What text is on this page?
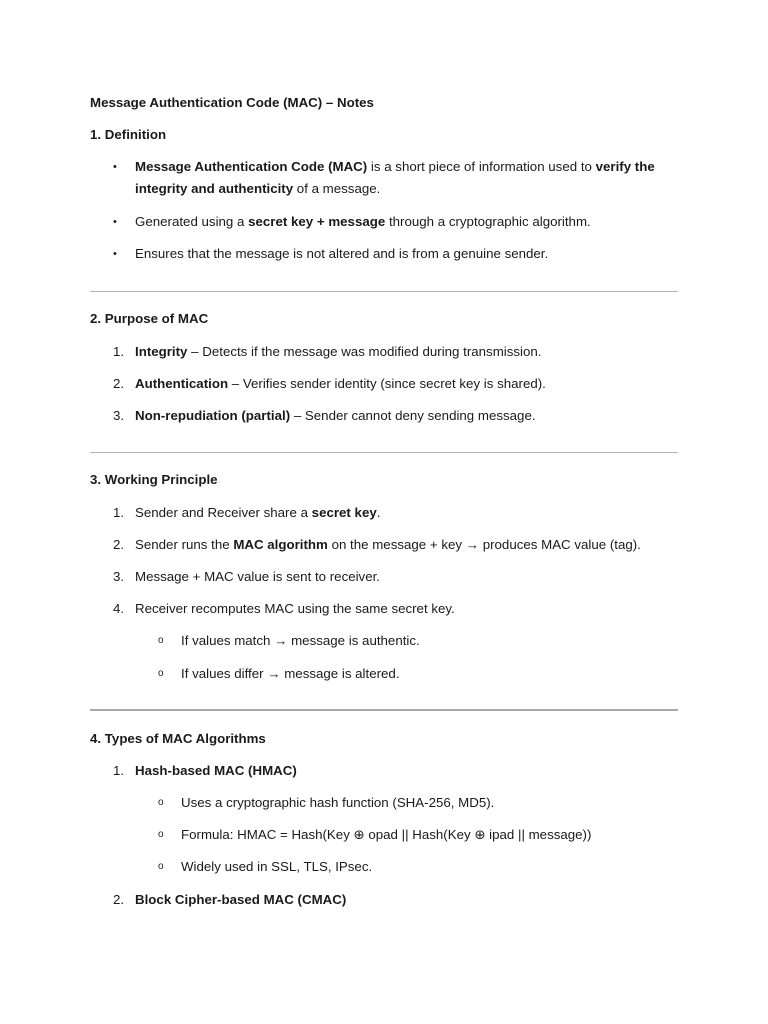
Message Authentication Code (MAC) – Notes
1. Definition
• Message Authentication Code (MAC) is a short piece of information used to verify the
integrity and authenticity of a message.
• Generated using a secret key + message through a cryptographic algorithm.
• Ensures that the message is not altered and is from a genuine sender.
2. Purpose of MAC
1. Integrity – Detects if the message was modified during transmission.
2. Authentication – Verifies sender identity (since secret key is shared).
3. Non-repudiation (partial) – Sender cannot deny sending message.
3. Working Principle
1. Sender and Receiver share a secret key.
2. Sender runs the MAC algorithm on the message + key → produces MAC value (tag).
3. Message + MAC value is sent to receiver.
4. Receiver recomputes MAC using the same secret key.
o If values match → message is authentic.
o If values differ → message is altered.
4. Types of MAC Algorithms
1. Hash-based MAC (HMAC)
o Uses a cryptographic hash function (SHA-256, MD5).
o Formula: HMAC = Hash(Key ⊕ opad || Hash(Key ⊕ ipad || message))
o Widely used in SSL, TLS, IPsec.
2. Block Cipher-based MAC (CMAC)
